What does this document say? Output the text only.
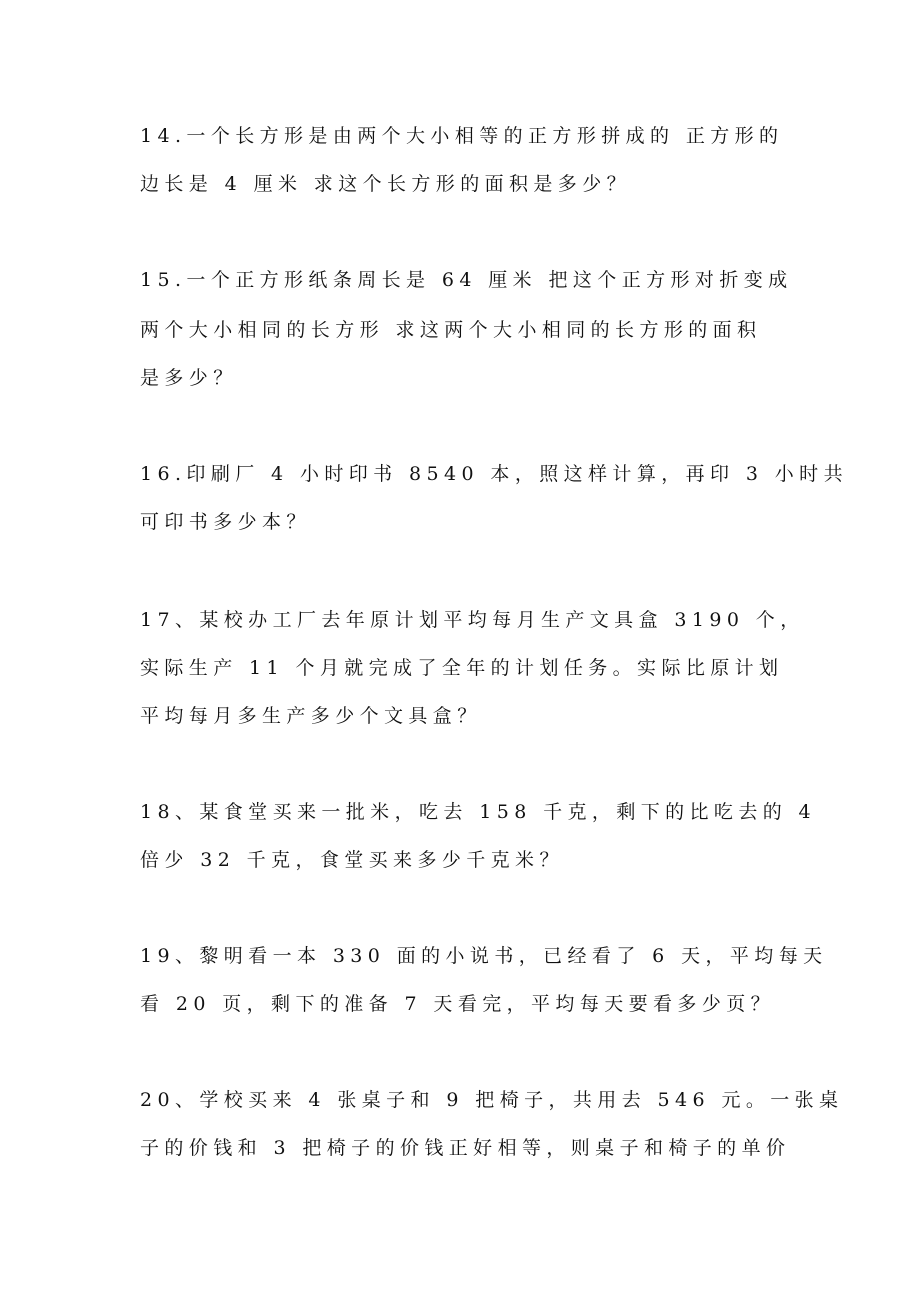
14.一个长方形是由两个大小相等的正方形拼成的 正方形的
边长是 4 厘米 求这个长方形的面积是多少？
15.一个正方形纸条周长是 64 厘米 把这个正方形对折变成
两个大小相同的长方形 求这两个大小相同的长方形的面积
是多少？
16.印刷厂 4 小时印书 8540 本，照这样计算，再印 3 小时共
可印书多少本？
17、某校办工厂去年原计划平均每月生产文具盒 3190 个，
实际生产 11 个月就完成了全年的计划任务。实际比原计划
平均每月多生产多少个文具盒？
18、某食堂买来一批米，吃去 158 千克，剩下的比吃去的 4
倍少 32 千克，食堂买来多少千克米？
19、黎明看一本 330 面的小说书，已经看了 6 天，平均每天
看 20 页，剩下的准备 7 天看完，平均每天要看多少页？
20、学校买来 4 张桌子和 9 把椅子，共用去 546 元。一张桌
子的价钱和 3 把椅子的价钱正好相等，则桌子和椅子的单价
